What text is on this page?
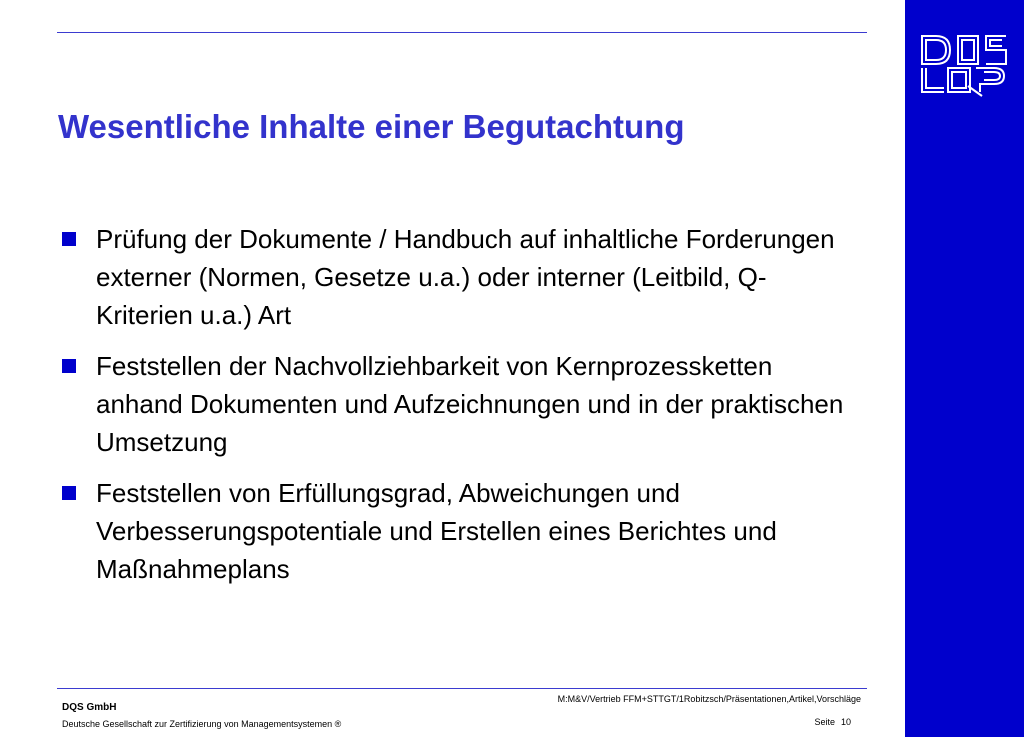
Wesentliche Inhalte einer Begutachtung
Prüfung der Dokumente / Handbuch auf inhaltliche Forderungen externer (Normen, Gesetze u.a.) oder interner (Leitbild, Q-Kriterien u.a.) Art
Feststellen der Nachvollziehbarkeit von Kernprozessketten anhand Dokumenten und Aufzeichnungen und in der praktischen Umsetzung
Feststellen von Erfüllungsgrad, Abweichungen und Verbesserungspotentiale und Erstellen eines Berichtes und Maßnahmeplans
M:M&V/Vertrieb FFM+STTGT/1Robitzsch/Präsentationen,Artikel,Vorschläge
DQS GmbH
Deutsche Gesellschaft zur Zertifizierung von Managementsystemen ®	Seite 10
